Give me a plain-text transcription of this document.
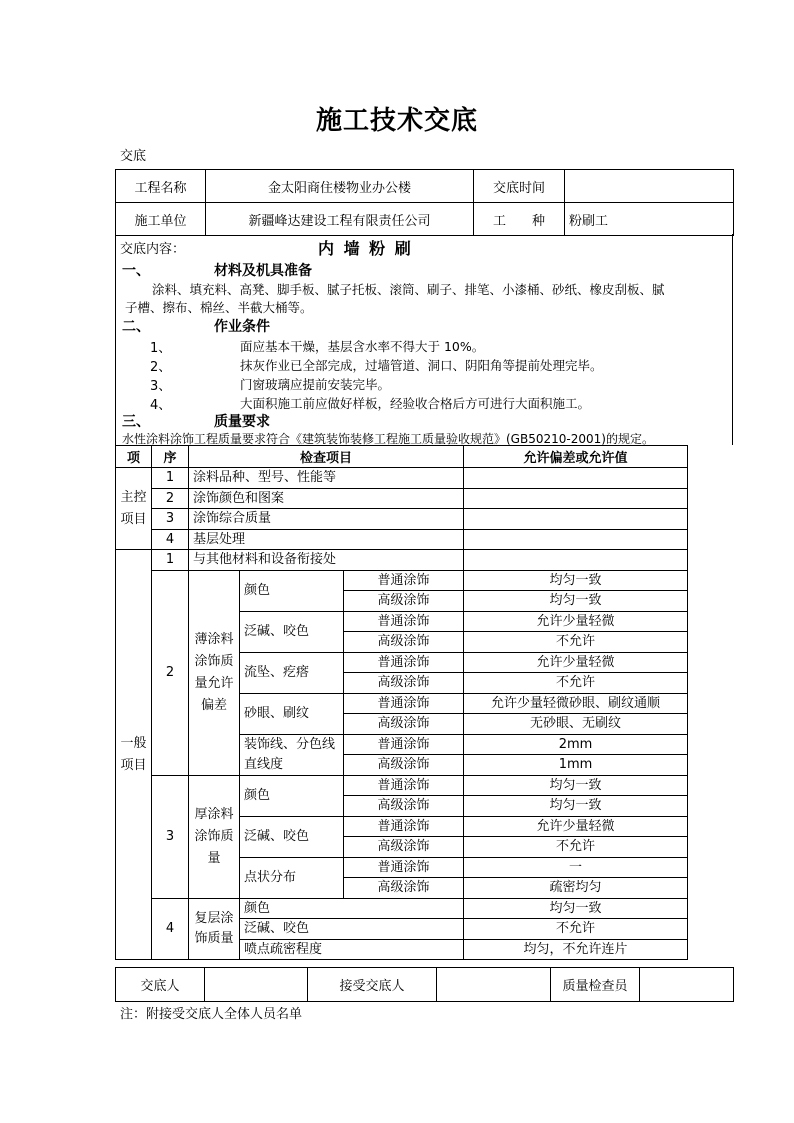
施工技术交底
交底
工程名称	金太阳商住楼物业办公楼	交底时间	
施工单位	新疆峰达建设工程有限责任公司	工　　种	粉刷工
交底内容：	内 墙 粉 刷
一、	材料及机具准备
涂料、填充料、高凳、脚手板、腻子托板、滚筒、刷子、排笔、小漆桶、砂纸、橡皮刮板、腻
子槽、擦布、棉丝、半截大桶等。
二、	作业条件
1、	面应基本干燥，基层含水率不得大于 10%。
2、	抹灰作业已全部完成，过墙管道、洞口、阴阳角等提前处理完毕。
3、	门窗玻璃应提前安装完毕。
4、	大面积施工前应做好样板，经验收合格后方可进行大面积施工。
三、	质量要求
水性涂料涂饰工程质量要求符合《建筑装饰装修工程施工质量验收规范》(GB50210-2001)的规定。
项	序	检查项目			允许偏差或允许值	
主控项目	1	涂料品种、型号、性能等				
	2	涂饰颜色和图案				
	3	涂饰综合质量				
	4	基层处理				
一般项目	1	与其他材料和设备衔接处				
	2	薄涂料涂饰质量允许偏差	颜色	普通涂饰	均匀一致	
				高级涂饰	均匀一致	
			泛碱、咬色	普通涂饰	允许少量轻微	
				高级涂饰	不允许	
			流坠、疙瘩	普通涂饰	允许少量轻微	
				高级涂饰	不允许	
			砂眼、刷纹	普通涂饰	允许少量轻微砂眼、刷纹通顺	
				高级涂饰	无砂眼、无刷纹	
			装饰线、分色线直线度	普通涂饰	2mm	
				高级涂饰	1mm	
	3	厚涂料涂饰质量	颜色	普通涂饰	均匀一致	
				高级涂饰	均匀一致	
			泛碱、咬色	普通涂饰	允许少量轻微	
				高级涂饰	不允许	
			点状分布	普通涂饰	一	
				高级涂饰	疏密均匀	
	4	复层涂饰质量	颜色		均匀一致	
			泛碱、咬色		不允许	
			喷点疏密程度		均匀，不允许连片	
交底人		接受交底人		质量检查员	
注：附接受交底人全体人员名单
